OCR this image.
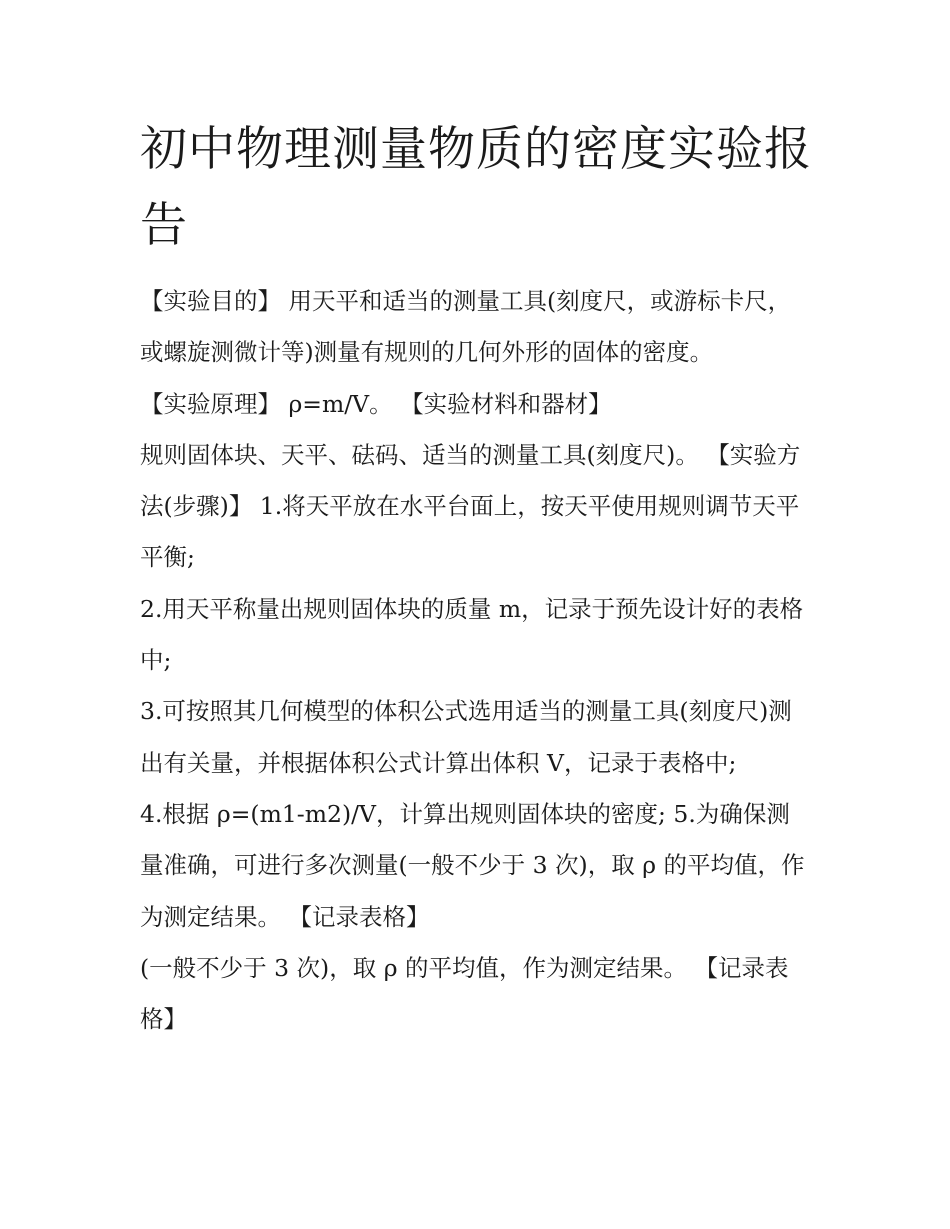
初中物理测量物质的密度实验报告

【实验目的】 用天平和适当的测量工具(刻度尺，或游标卡尺，或螺旋测微计等)测量有规则的几何外形的固体的密度。

【实验原理】 ρ=m/V。 【实验材料和器材】

规则固体块、天平、砝码、适当的测量工具(刻度尺)。 【实验方法(步骤)】 1.将天平放在水平台面上，按天平使用规则调节天平平衡;

2.用天平称量出规则固体块的质量 m，记录于预先设计好的表格中;

3.可按照其几何模型的体积公式选用适当的测量工具(刻度尺)测出有关量，并根据体积公式计算出体积 V，记录于表格中;

4.根据 ρ=(m1-m2)/V，计算出规则固体块的密度; 5.为确保测量准确，可进行多次测量(一般不少于 3 次)，取 ρ 的平均值，作为测定结果。 【记录表格】

(一般不少于 3 次)，取 ρ 的平均值，作为测定结果。 【记录表格】
